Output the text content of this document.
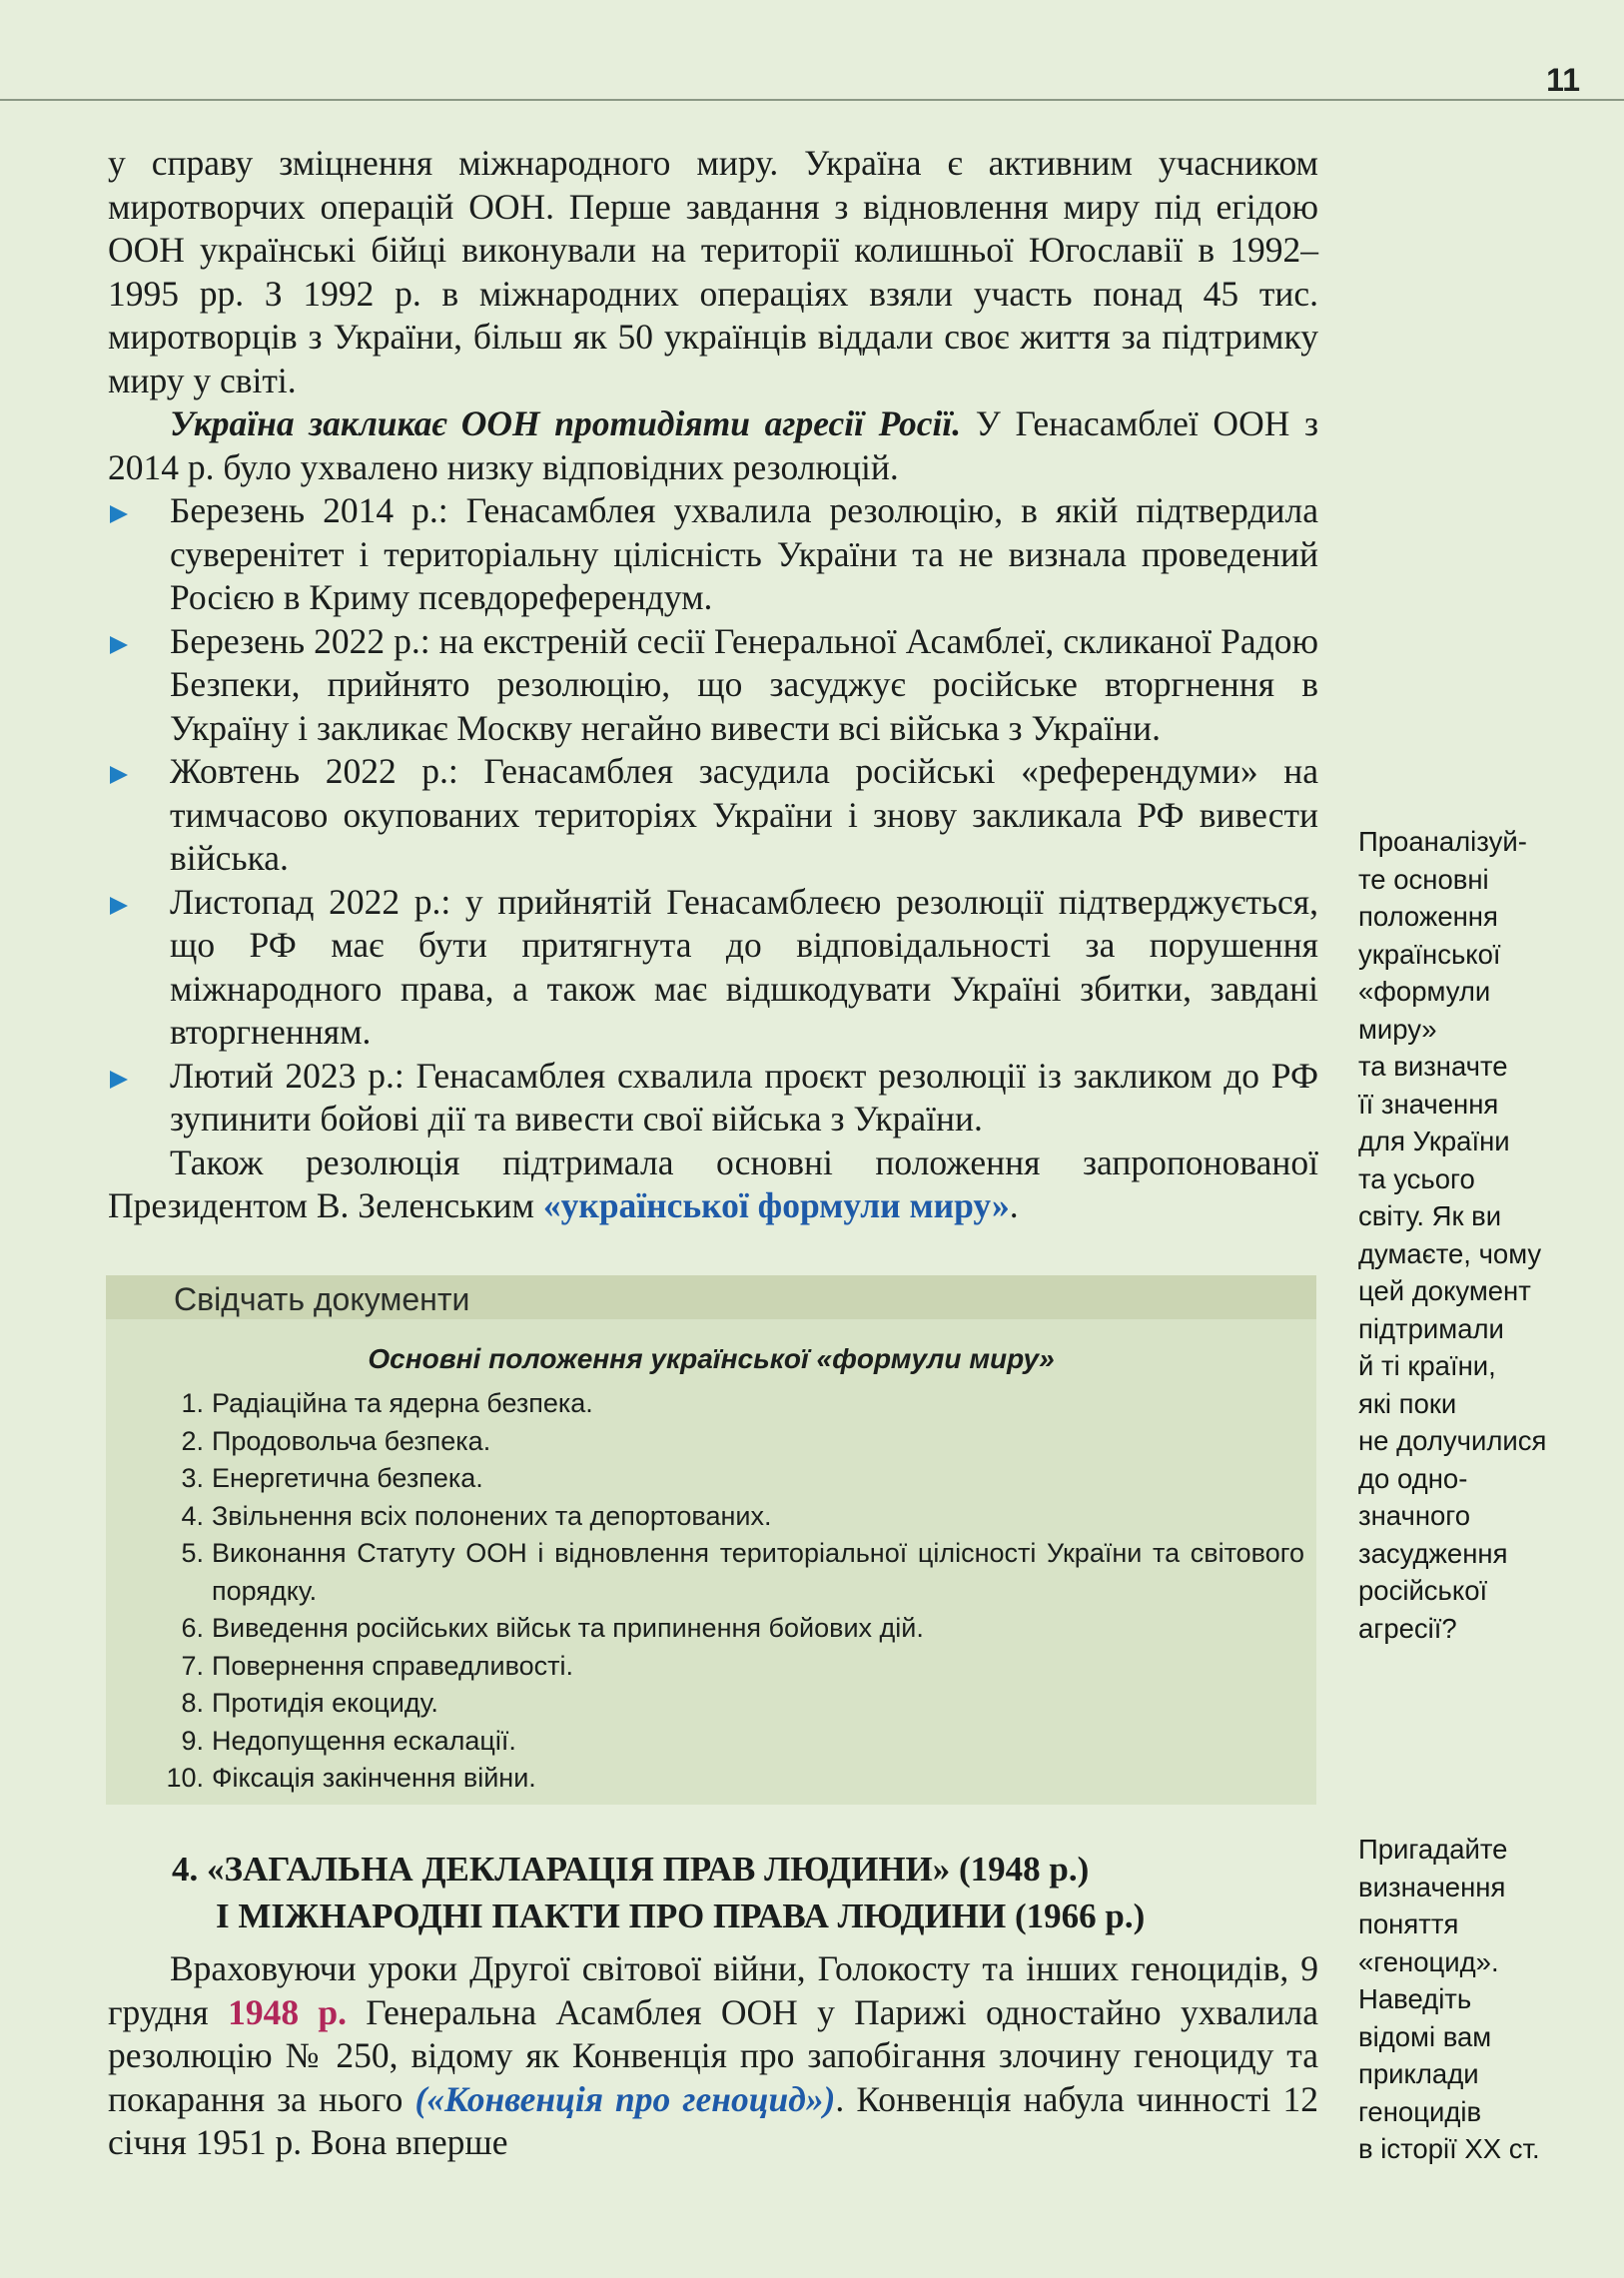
11

у справу зміцнення міжнародного миру. Україна є активним учасником миротворчих операцій ООН. Перше завдання з відновлення миру під егідою ООН українські бійці виконували на території колишньої Югославії в 1992–1995 рр. З 1992 р. в міжнародних операціях взяли участь понад 45 тис. миротворців з України, більш як 50 українців віддали своє життя за підтримку миру у світі.

Україна закликає ООН протидіяти агресії Росії. У Генасамблеї ООН з 2014 р. було ухвалено низку відповідних резолюцій.

Березень 2014 р.: Генасамблея ухвалила резолюцію, в якій підтвердила суверенітет і територіальну цілісність України та не визнала проведений Росією в Криму псевдореферендум.
Березень 2022 р.: на екстреній сесії Генеральної Асамблеї, скликаної Радою Безпеки, прийнято резолюцію, що засуджує російське вторгнення в Україну і закликає Москву негайно вивести всі війська з України.
Жовтень 2022 р.: Генасамблея засудила російські «референдуми» на тимчасово окупованих територіях України і знову закликала РФ вивести війська.
Листопад 2022 р.: у прийнятій Генасамблеєю резолюції підтверджується, що РФ має бути притягнута до відповідальності за порушення міжнародного права, а також має відшкодувати Україні збитки, завдані вторгненням.
Лютий 2023 р.: Генасамблея схвалила проєкт резолюції із закликом до РФ зупинити бойові дії та вивести свої війська з України.

Також резолюція підтримала основні положення запропонованої Президентом В. Зеленським «української формули миру».

Свідчать документи
Основні положення української «формули миру»
1. Радіаційна та ядерна безпека.
2. Продовольча безпека.
3. Енергетична безпека.
4. Звільнення всіх полонених та депортованих.
5. Виконання Статуту ООН і відновлення територіальної цілісності України та світового порядку.
6. Виведення російських військ та припинення бойових дій.
7. Повернення справедливості.
8. Протидія екоциду.
9. Недопущення ескалації.
10. Фіксація закінчення війни.
4. «ЗАГАЛЬНА ДЕКЛАРАЦІЯ ПРАВ ЛЮДИНИ» (1948 р.)
І МІЖНАРОДНІ ПАКТИ ПРО ПРАВА ЛЮДИНИ (1966 р.)

Враховуючи уроки Другої світової війни, Голокосту та інших геноцидів, 9 грудня 1948 р. Генеральна Асамблея ООН у Парижі одностайно ухвалила резолюцію № 250, відому як Конвенція про запобігання злочину геноциду та покарання за нього («Конвенція про геноцид»). Конвенція набула чинності 12 січня 1951 р. Вона вперше

Проаналізуй-
те основні
положення
української
«формули
миру»
та визначте
її значення
для України
та усього
світу. Як ви
думаєте, чому
цей документ
підтримали
й ті країни,
які поки
не долучилися
до одно-
значного
засудження
російської
агресії?
Пригадайте
визначення
поняття
«геноцид».
Наведіть
відомі вам
приклади
геноцидів
в історії XX ст.
